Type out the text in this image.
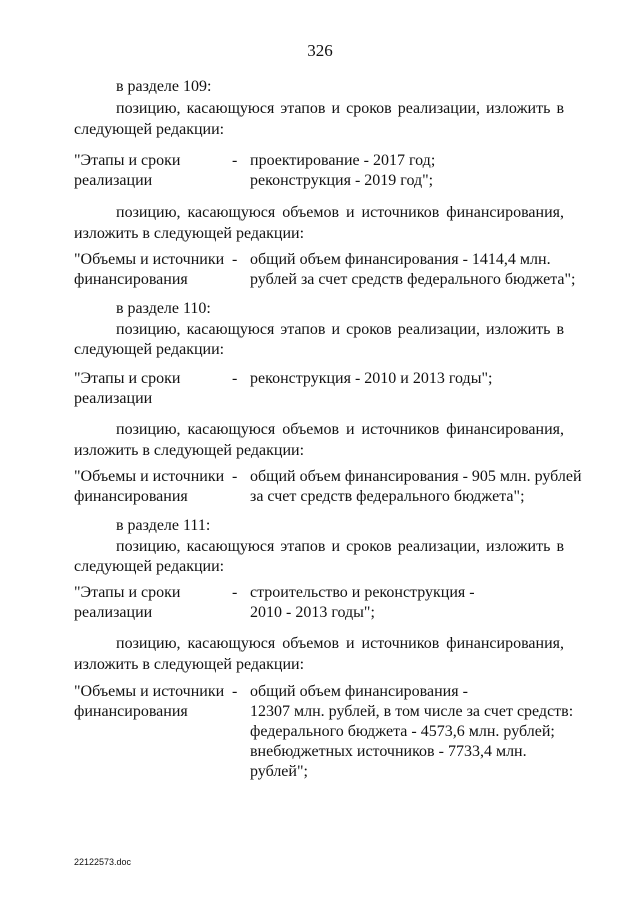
326
в разделе 109:
позицию, касающуюся этапов и сроков реализации, изложить в
следующей редакции:
"Этапы и сроки
реализации
- проектирование - 2017 год;
реконструкция - 2019 год";
позицию, касающуюся объемов и источников финансирования,
изложить в следующей редакции:
"Объемы и источники
финансирования
- общий объем финансирования - 1414,4 млн.
рублей за счет средств федерального бюджета";
в разделе 110:
позицию, касающуюся этапов и сроков реализации, изложить в
следующей редакции:
"Этапы и сроки
реализации
- реконструкция - 2010 и 2013 годы";
позицию, касающуюся объемов и источников финансирования,
изложить в следующей редакции:
"Объемы и источники
финансирования
- общий объем финансирования - 905 млн. рублей
за счет средств федерального бюджета";
в разделе 111:
позицию, касающуюся этапов и сроков реализации, изложить в
следующей редакции:
"Этапы и сроки
реализации
- строительство и реконструкция -
2010 - 2013 годы";
позицию, касающуюся объемов и источников финансирования,
изложить в следующей редакции:
"Объемы и источники
финансирования
- общий объем финансирования -
12307 млн. рублей, в том числе за счет средств:
федерального бюджета - 4573,6 млн. рублей;
внебюджетных источников - 7733,4 млн.
рублей";
22122573.doc
